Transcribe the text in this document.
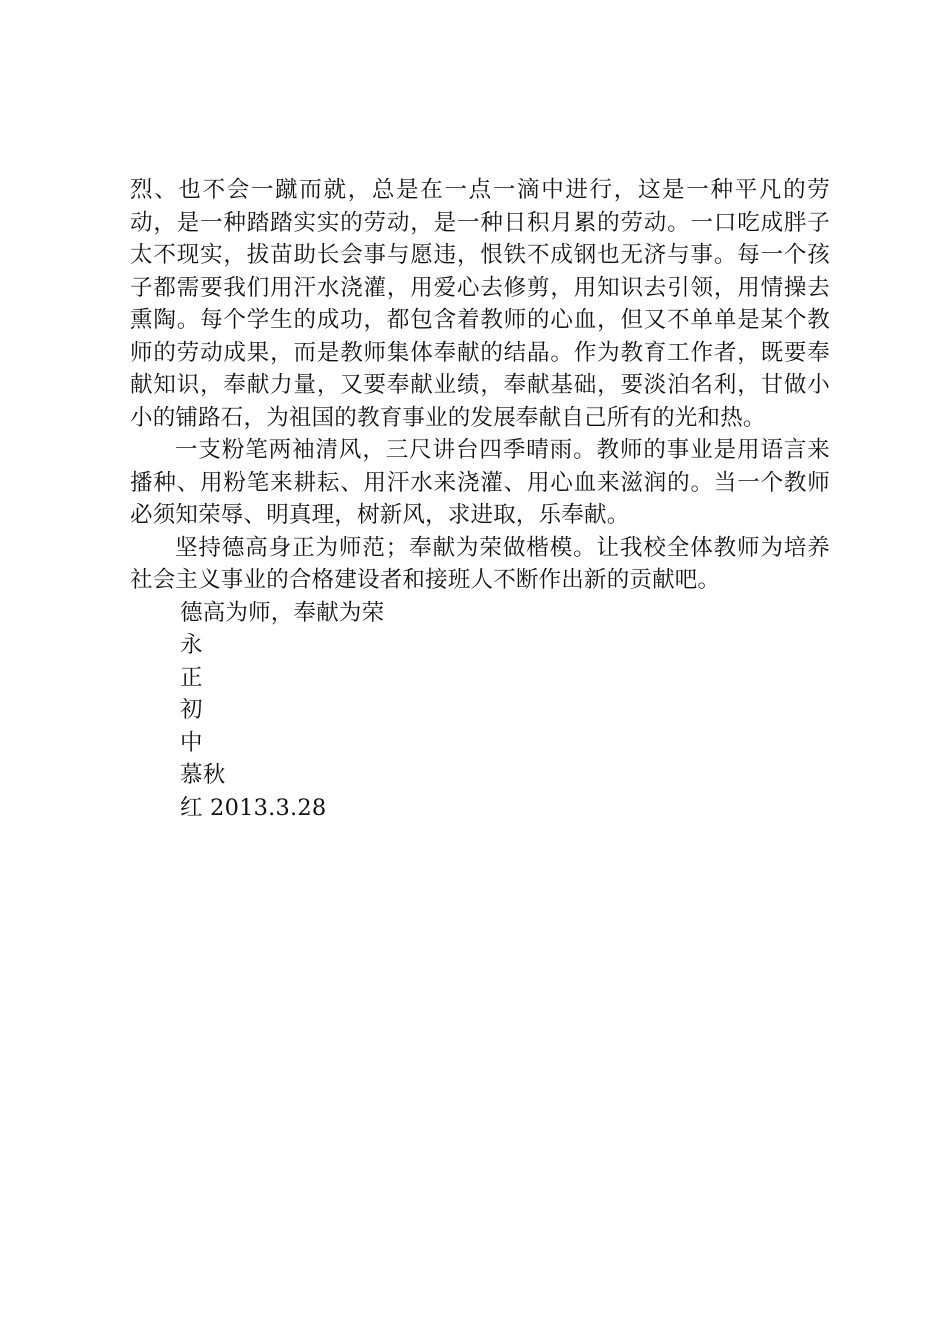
烈、也不会一蹴而就，总是在一点一滴中进行，这是一种平凡的劳动，是一种踏踏实实的劳动，是一种日积月累的劳动。一口吃成胖子太不现实，拔苗助长会事与愿违，恨铁不成钢也无济与事。每一个孩子都需要我们用汗水浇灌，用爱心去修剪，用知识去引领，用情操去熏陶。每个学生的成功，都包含着教师的心血，但又不单单是某个教师的劳动成果，而是教师集体奉献的结晶。作为教育工作者，既要奉献知识，奉献力量，又要奉献业绩，奉献基础，要淡泊名利，甘做小小的铺路石，为祖国的教育事业的发展奉献自己所有的光和热。

一支粉笔两袖清风，三尺讲台四季晴雨。教师的事业是用语言来播种、用粉笔来耕耘、用汗水来浇灌、用心血来滋润的。当一个教师必须知荣辱、明真理，树新风，求进取，乐奉献。

坚持德高身正为师范；奉献为荣做楷模。让我校全体教师为培养社会主义事业的合格建设者和接班人不断作出新的贡献吧。

德高为师，奉献为荣

永

正

初

中

慕秋

红 2013.3.28
